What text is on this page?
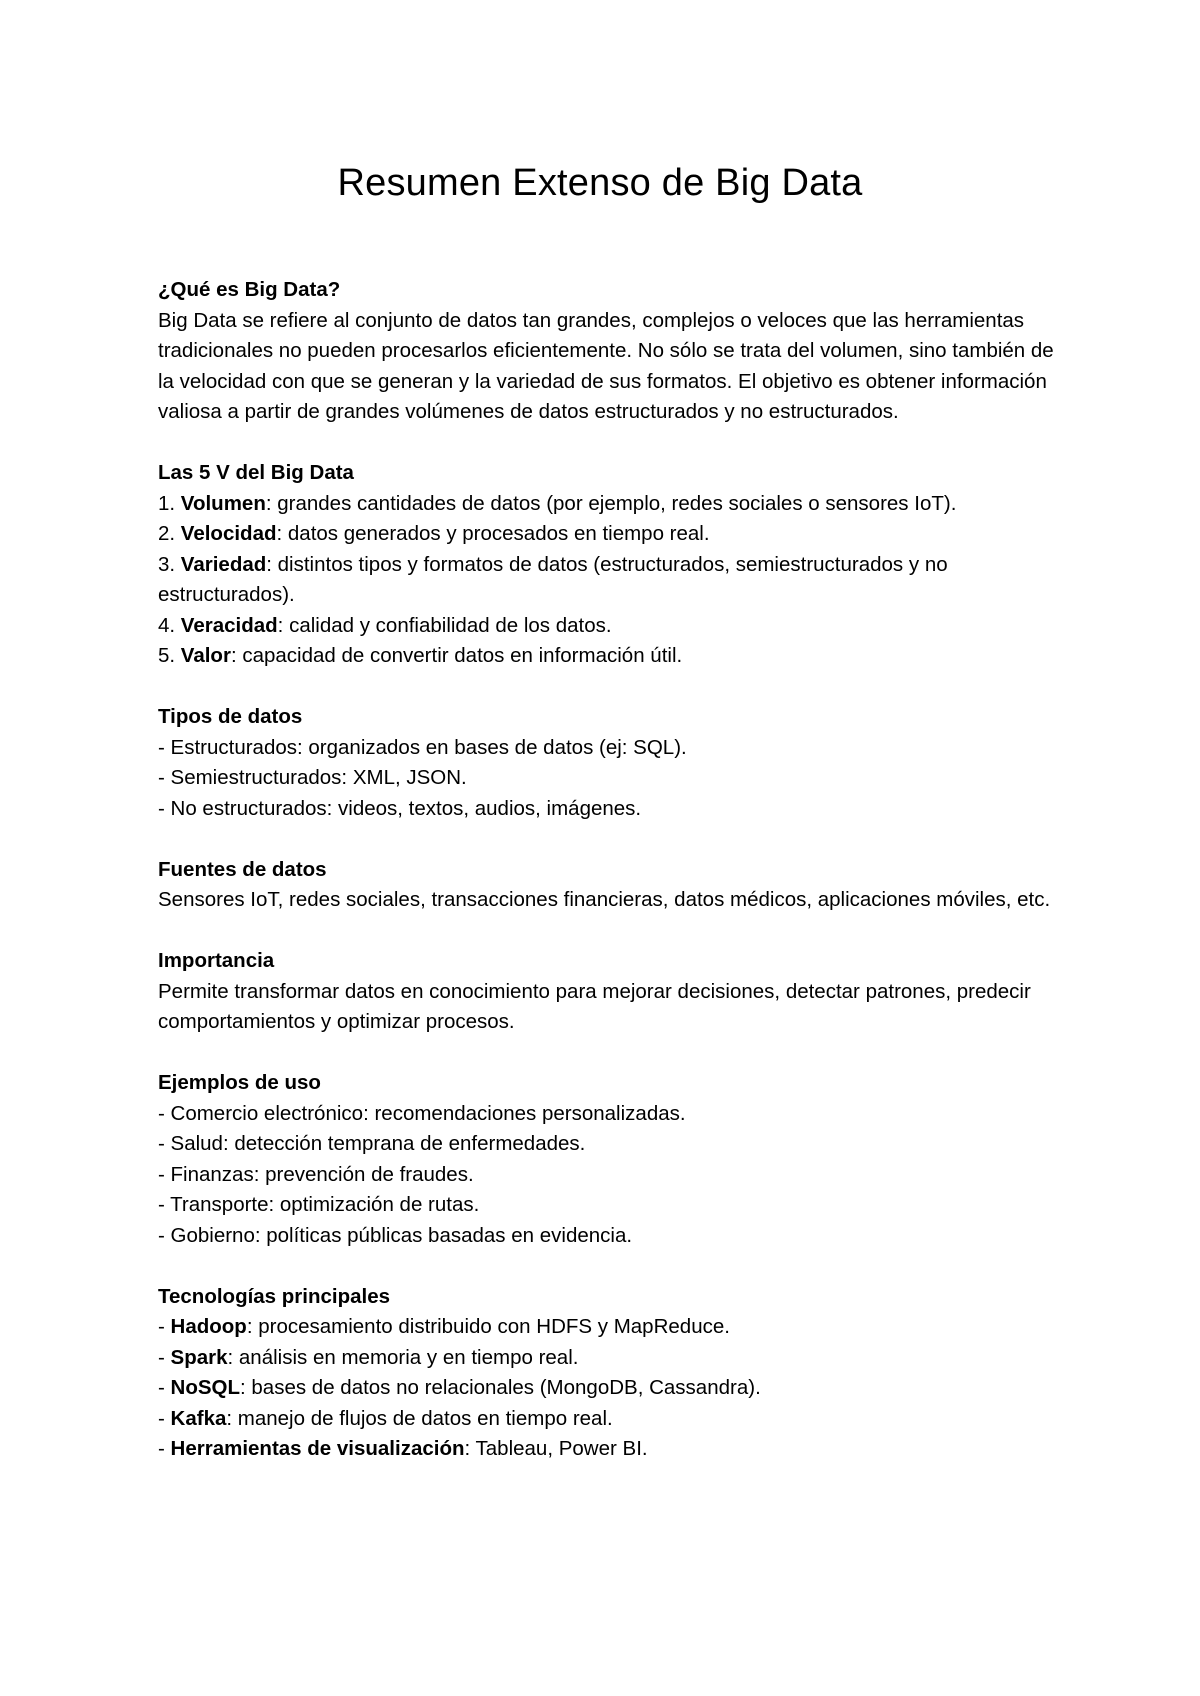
Resumen Extenso de Big Data

¿Qué es Big Data?

Big Data se refiere al conjunto de datos tan grandes, complejos o veloces que las herramientas tradicionales no pueden procesarlos eficientemente. No sólo se trata del volumen, sino también de la velocidad con que se generan y la variedad de sus formatos. El objetivo es obtener información valiosa a partir de grandes volúmenes de datos estructurados y no estructurados.

Las 5 V del Big Data

1. Volumen: grandes cantidades de datos (por ejemplo, redes sociales o sensores IoT).

2. Velocidad: datos generados y procesados en tiempo real.

3. Variedad: distintos tipos y formatos de datos (estructurados, semiestructurados y no estructurados).

4. Veracidad: calidad y confiabilidad de los datos.

5. Valor: capacidad de convertir datos en información útil.

Tipos de datos

- Estructurados: organizados en bases de datos (ej: SQL).

- Semiestructurados: XML, JSON.

- No estructurados: videos, textos, audios, imágenes.

Fuentes de datos

Sensores IoT, redes sociales, transacciones financieras, datos médicos, aplicaciones móviles, etc.

Importancia

Permite transformar datos en conocimiento para mejorar decisiones, detectar patrones, predecir comportamientos y optimizar procesos.

Ejemplos de uso

- Comercio electrónico: recomendaciones personalizadas.

- Salud: detección temprana de enfermedades.

- Finanzas: prevención de fraudes.

- Transporte: optimización de rutas.

- Gobierno: políticas públicas basadas en evidencia.

Tecnologías principales

- Hadoop: procesamiento distribuido con HDFS y MapReduce.

- Spark: análisis en memoria y en tiempo real.

- NoSQL: bases de datos no relacionales (MongoDB, Cassandra).

- Kafka: manejo de flujos de datos en tiempo real.

- Herramientas de visualización: Tableau, Power BI.
